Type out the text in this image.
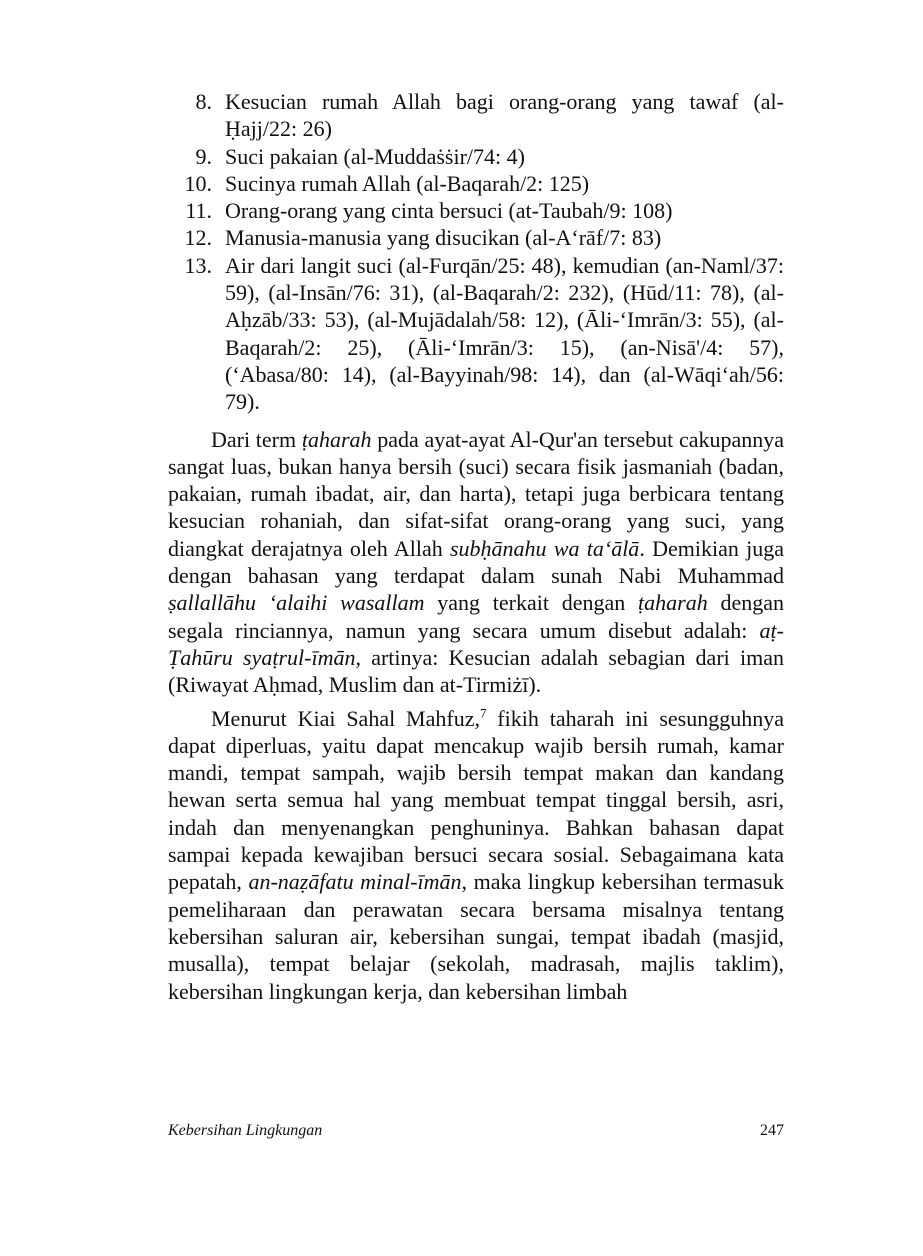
8. Kesucian rumah Allah bagi orang-orang yang tawaf (al-Ḥajj/22: 26)
9. Suci pakaian (al-Muddaṡṡir/74: 4)
10. Sucinya rumah Allah (al-Baqarah/2: 125)
11. Orang-orang yang cinta bersuci (at-Taubah/9: 108)
12. Manusia-manusia yang disucikan (al-A‘rāf/7: 83)
13. Air dari langit suci (al-Furqān/25: 48), kemudian (an-Naml/37: 59), (al-Insān/76: 31), (al-Baqarah/2: 232), (Hūd/11: 78), (al-Aḥzāb/33: 53), (al-Mujādalah/58: 12), (Āli-‘Imrān/3: 55), (al-Baqarah/2: 25), (Āli-‘Imrān/3: 15), (an-Nisā'/4: 57), (‘Abasa/80: 14), (al-Bayyinah/98: 14), dan (al-Wāqi‘ah/56: 79).

Dari term ṭaharah pada ayat-ayat Al-Qur'an tersebut cakupannya sangat luas, bukan hanya bersih (suci) secara fisik jasmaniah (badan, pakaian, rumah ibadat, air, dan harta), tetapi juga berbicara tentang kesucian rohaniah, dan sifat-sifat orang-orang yang suci, yang diangkat derajatnya oleh Allah subḥānahu wa ta‘ālā. Demikian juga dengan bahasan yang terdapat dalam sunah Nabi Muhammad ṣallallāhu ‘alaihi wasallam yang terkait dengan ṭaharah dengan segala rinciannya, namun yang secara umum disebut adalah: aṭ-Ṭahūru syaṭrul-īmān, artinya: Kesucian adalah sebagian dari iman (Riwayat Aḥmad, Muslim dan at-Tirmiżī).

Menurut Kiai Sahal Mahfuz,$^7$ fikih taharah ini sesungguhnya dapat diperluas, yaitu dapat mencakup wajib bersih rumah, kamar mandi, tempat sampah, wajib bersih tempat makan dan kandang hewan serta semua hal yang membuat tempat tinggal bersih, asri, indah dan menyenangkan penghuninya. Bahkan bahasan dapat sampai kepada kewajiban bersuci secara sosial. Sebagaimana kata pepatah, an-naẓāfatu minal-īmān, maka lingkup kebersihan termasuk pemeliharaan dan perawatan secara bersama misalnya tentang kebersihan saluran air, kebersihan sungai, tempat ibadah (masjid, musalla), tempat belajar (sekolah, madrasah, majlis taklim), kebersihan lingkungan kerja, dan kebersihan limbah

Kebersihan Lingkungan	247
